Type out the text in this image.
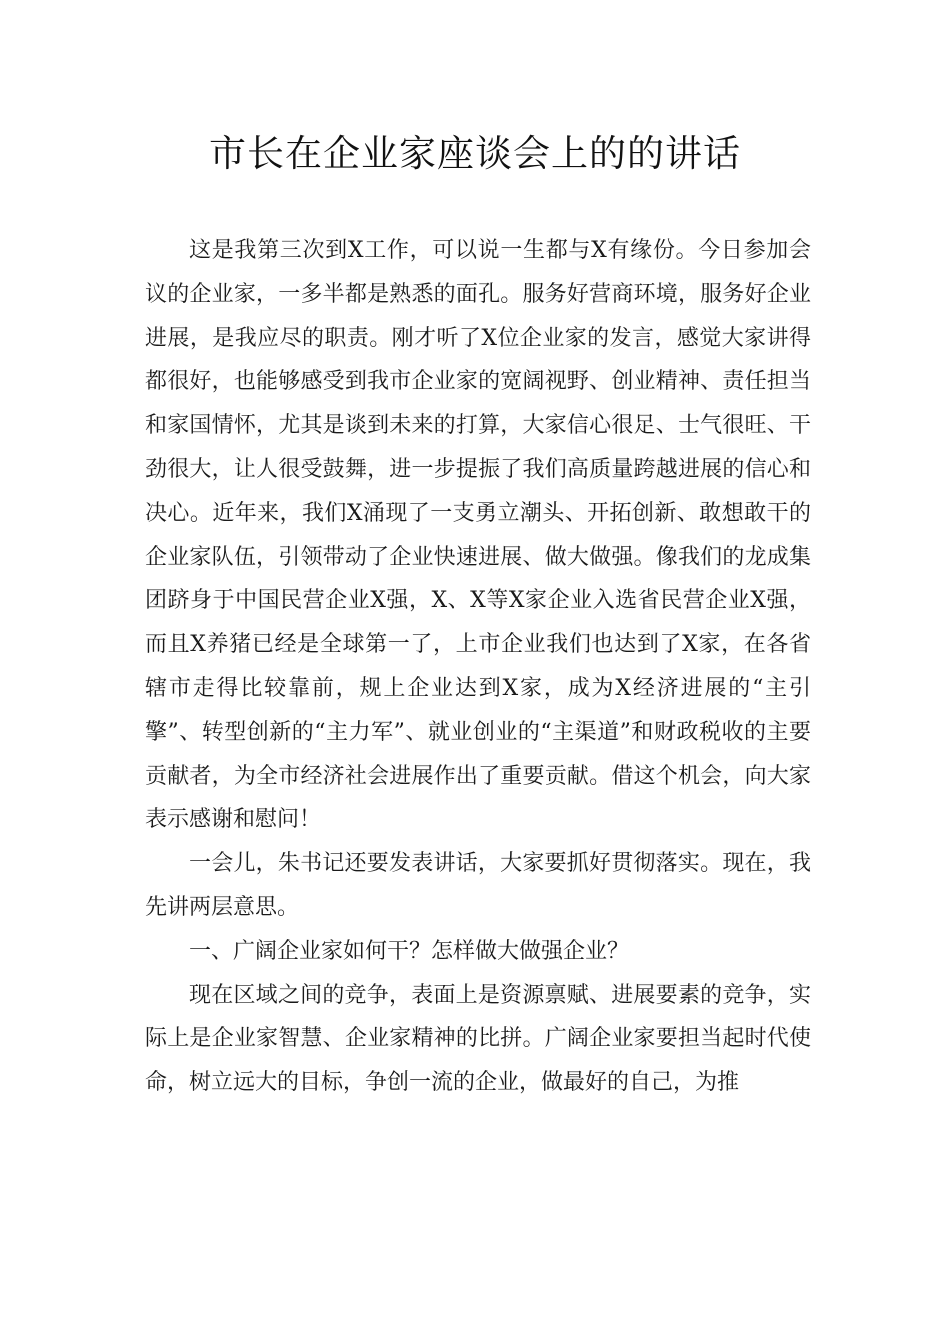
市长在企业家座谈会上的的讲话

这是我第三次到X工作，可以说一生都与X有缘份。今日参加会议的企业家，一多半都是熟悉的面孔。服务好营商环境，服务好企业进展，是我应尽的职责。刚才听了X位企业家的发言，感觉大家讲得都很好，也能够感受到我市企业家的宽阔视野、创业精神、责任担当和家国情怀，尤其是谈到未来的打算，大家信心很足、士气很旺、干劲很大，让人很受鼓舞，进一步提振了我们高质量跨越进展的信心和决心。近年来，我们X涌现了一支勇立潮头、开拓创新、敢想敢干的企业家队伍，引领带动了企业快速进展、做大做强。像我们的龙成集团跻身于中国民营企业X强，X、X等X家企业入选省民营企业X强，而且X养猪已经是全球第一了，上市企业我们也达到了X家，在各省辖市走得比较靠前，规上企业达到X家，成为X经济进展的“主引擎”、转型创新的“主力军”、就业创业的“主渠道”和财政税收的主要贡献者，为全市经济社会进展作出了重要贡献。借这个机会，向大家表示感谢和慰问！

一会儿，朱书记还要发表讲话，大家要抓好贯彻落实。现在，我先讲两层意思。

一、广阔企业家如何干？怎样做大做强企业？

现在区域之间的竞争，表面上是资源禀赋、进展要素的竞争，实际上是企业家智慧、企业家精神的比拼。广阔企业家要担当起时代使命，树立远大的目标，争创一流的企业，做最好的自己，为推
